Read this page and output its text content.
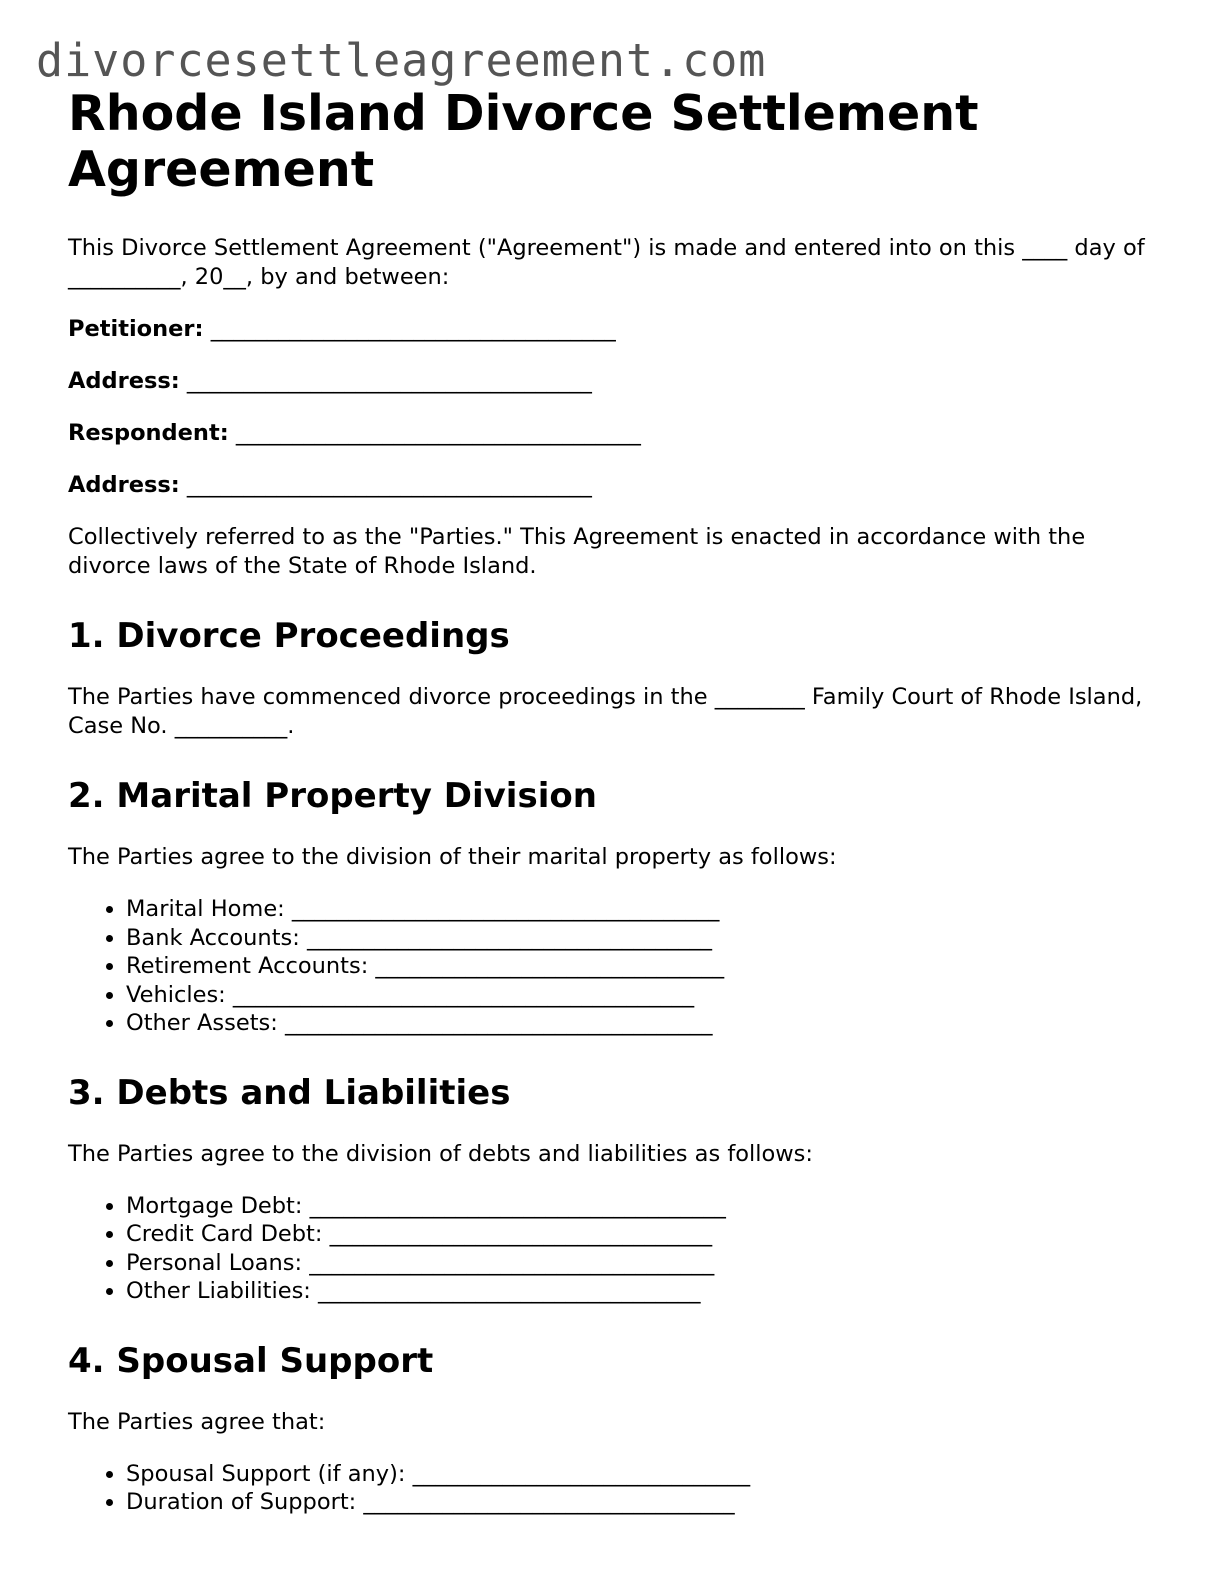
divorcesettleagreement.com
Rhode Island Divorce Settlement Agreement

This Divorce Settlement Agreement ("Agreement") is made and entered into on this ____ day of __________, 20__, by and between:

Petitioner: ____________________________________
Address: ____________________________________
Respondent: ____________________________________
Address: ____________________________________

Collectively referred to as the "Parties." This Agreement is enacted in accordance with the divorce laws of the State of Rhode Island.

1. Divorce Proceedings

The Parties have commenced divorce proceedings in the ________ Family Court of Rhode Island, Case No. __________.

2. Marital Property Division

The Parties agree to the division of their marital property as follows:

• Marital Home: ______________________________________
• Bank Accounts: ____________________________________
• Retirement Accounts: _______________________________
• Vehicles: _________________________________________
• Other Assets: ______________________________________
3. Debts and Liabilities

The Parties agree to the division of debts and liabilities as follows:

• Mortgage Debt: _____________________________________
• Credit Card Debt: __________________________________
• Personal Loans: ____________________________________
• Other Liabilities: __________________________________
4. Spousal Support

The Parties agree that:

• Spousal Support (if any): ______________________________
• Duration of Support: _________________________________
